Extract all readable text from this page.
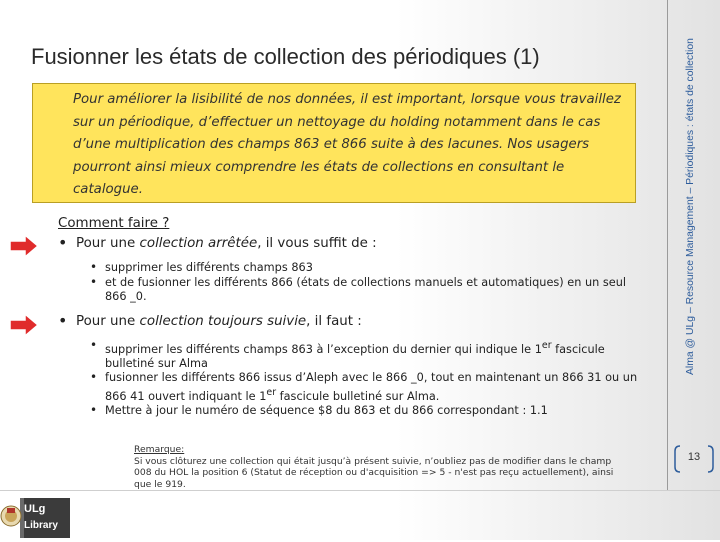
Fusionner les états de collection des périodiques (1)	Alma @ ULg – Resource Management – Périodiques : états de collection

Pour améliorer la lisibilité de nos données, il est important, lorsque vous travaillez sur un périodique, d’effectuer un nettoyage du holding notamment dans le cas d’une multiplication des champs 863 et 866 suite à des lacunes. Nos usagers pourront ainsi mieux comprendre les états de collections en consultant le catalogue.

Comment faire ?

• Pour une collection arrêtée, il vous suffit de :

• supprimer les différents champs 863

• et de fusionner les différents 866 (états de collections manuels et automatiques) en un seul 866 _0.

• Pour une collection toujours suivie, il faut :

• supprimer les différents champs 863 à l’exception du dernier qui indique le 1er fascicule bulletiné sur Alma

• fusionner les différents 866 issus d’Aleph avec le 866 _0, tout en maintenant un 866 31 ou un 866 41 ouvert indiquant le 1er fascicule bulletiné sur Alma.

• Mettre à jour le numéro de séquence $8 du 863 et du 866 correspondant : 1.1

Remarque:
Si vous clôturez une collection qui était jusqu’à présent suivie, n’oubliez pas de modifier dans le champ 008 du HOL la position 6 (Statut de réception ou d'acquisition => 5 - n'est pas reçu actuellement), ainsi que le 919.
13
ULg
Library
